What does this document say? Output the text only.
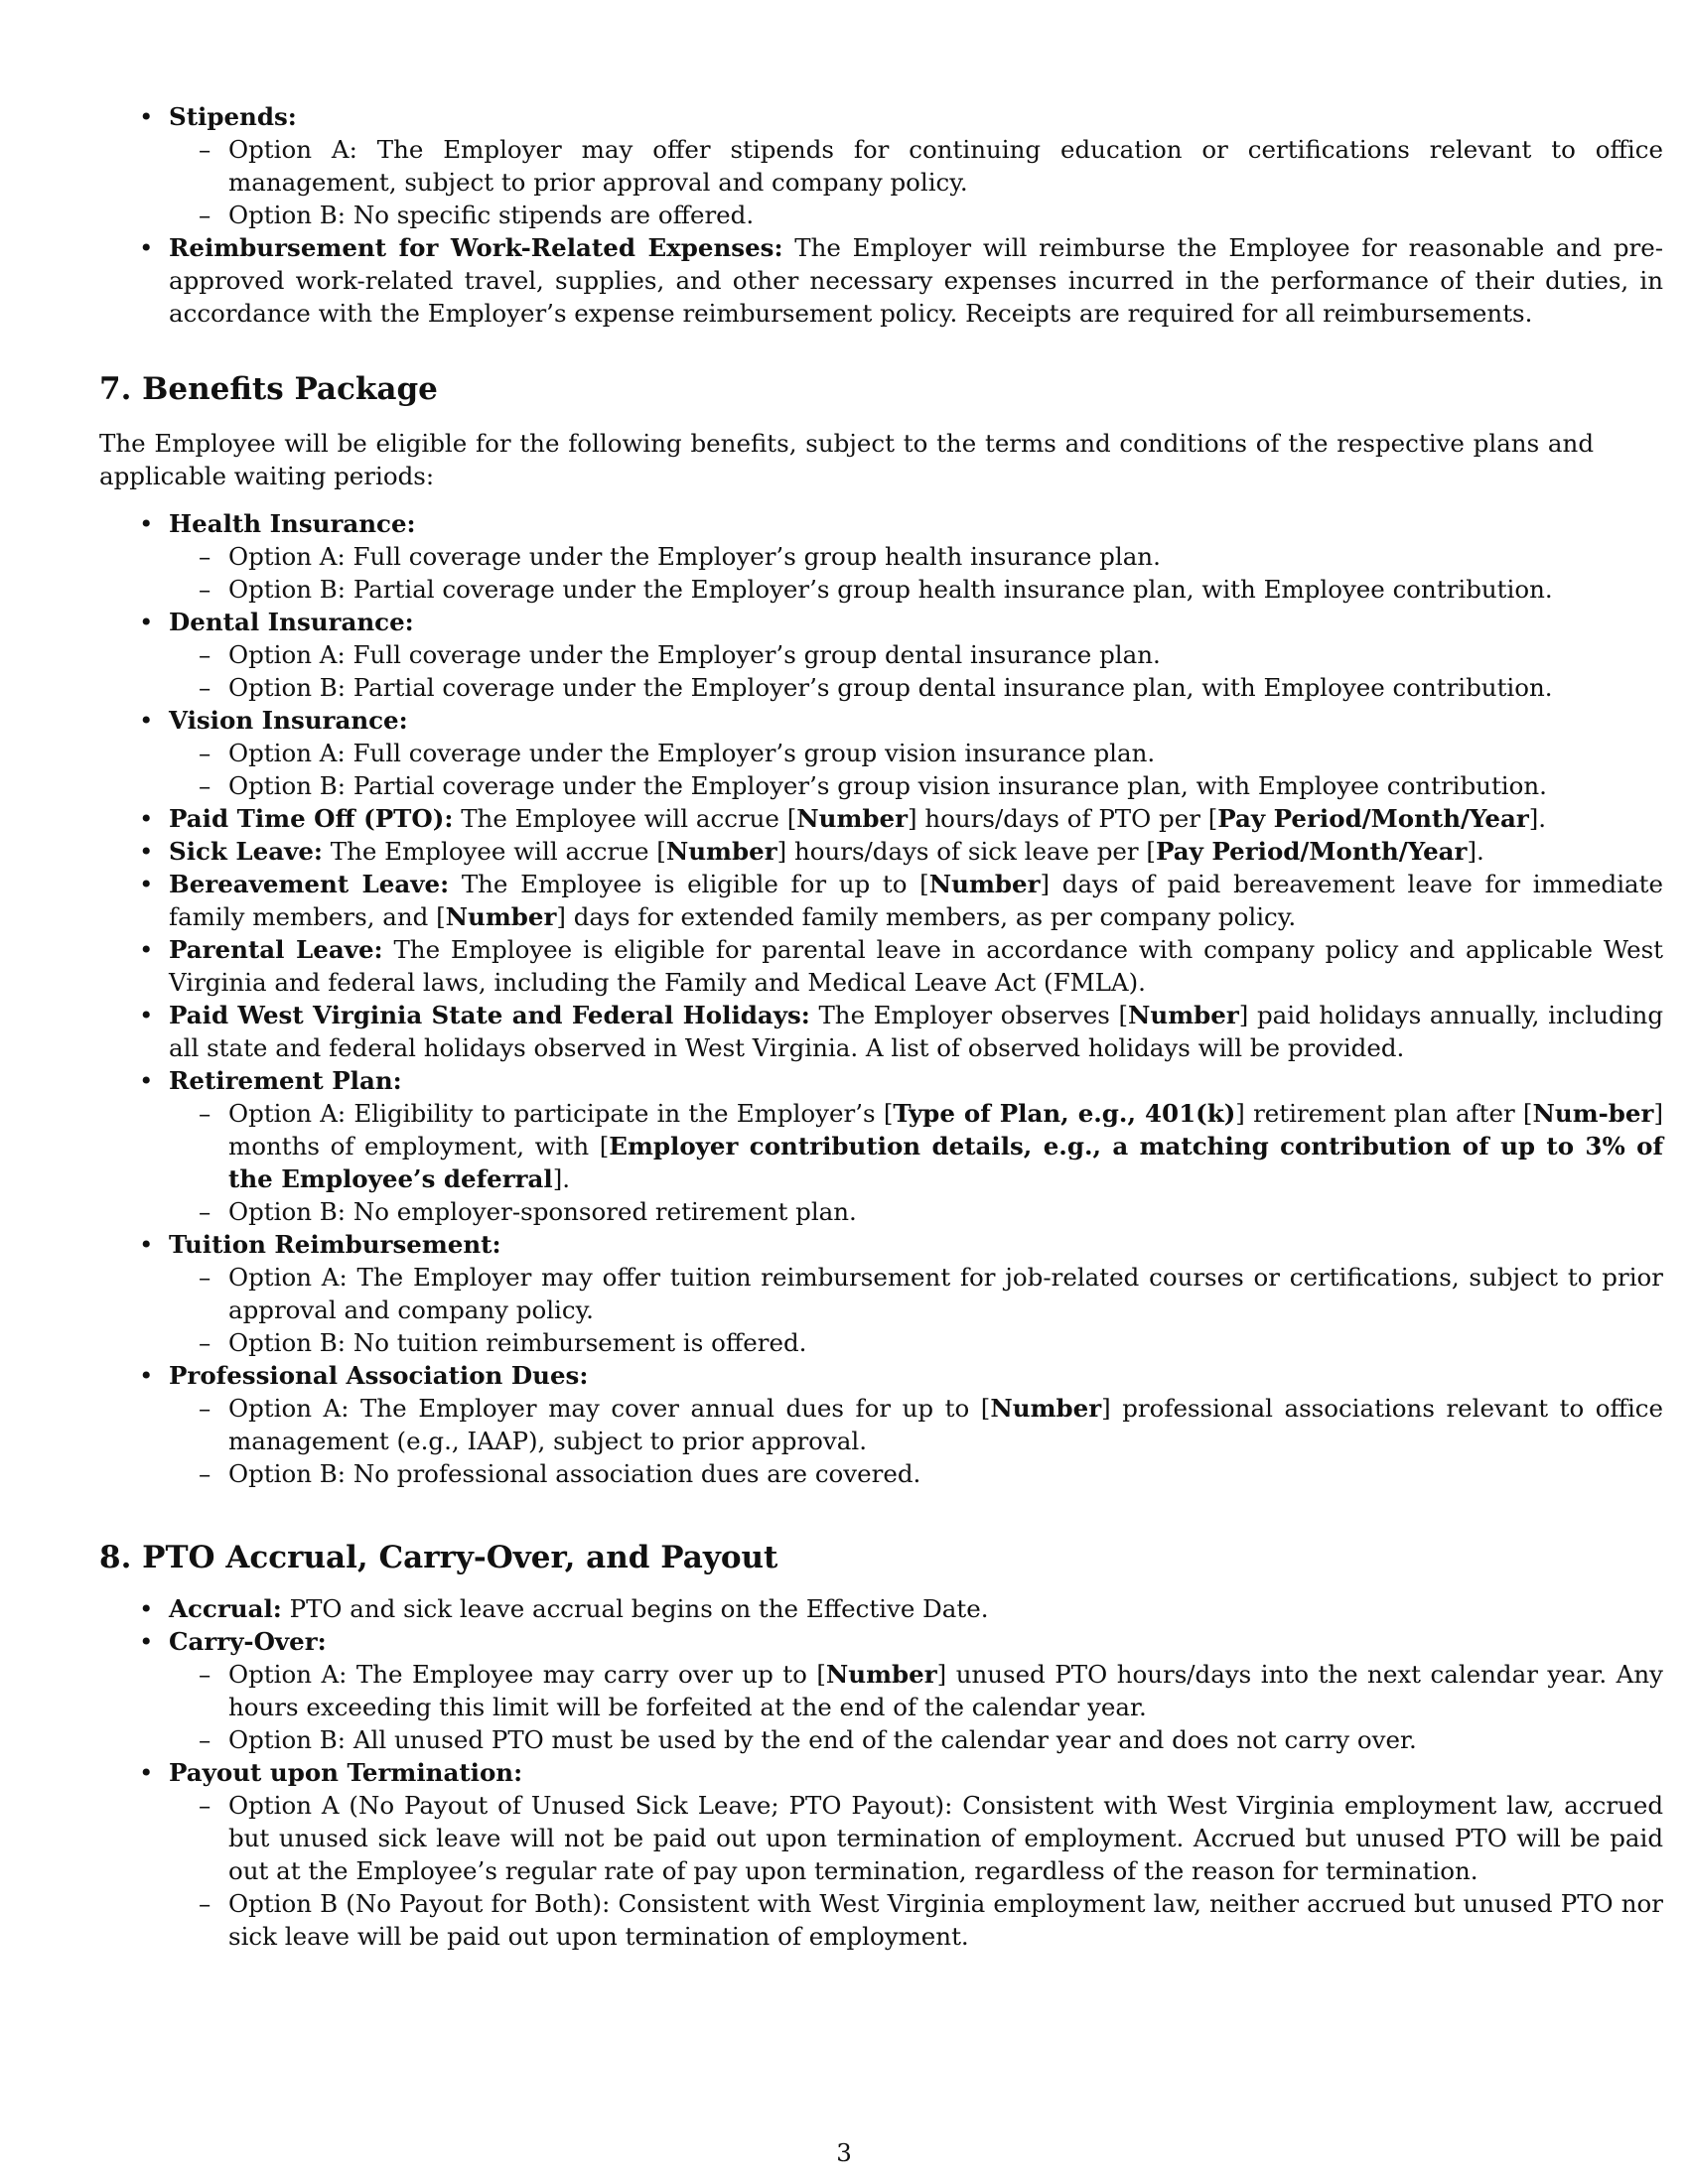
• Stipends:
– Option A: The Employer may offer stipends for continuing education or certifications relevant to office management, subject to prior approval and company policy.
– Option B: No specific stipends are offered.
• Reimbursement for Work-Related Expenses: The Employer will reimburse the Employee for reasonable and pre-approved work-related travel, supplies, and other necessary expenses incurred in the performance of their duties, in accordance with the Employer’s expense reimbursement policy. Receipts are required for all reimbursements.
7. Benefits Package

The Employee will be eligible for the following benefits, subject to the terms and conditions of the respective plans and applicable waiting periods:

• Health Insurance:
– Option A: Full coverage under the Employer’s group health insurance plan.
– Option B: Partial coverage under the Employer’s group health insurance plan, with Employee contribution.
• Dental Insurance:
– Option A: Full coverage under the Employer’s group dental insurance plan.
– Option B: Partial coverage under the Employer’s group dental insurance plan, with Employee contribution.
• Vision Insurance:
– Option A: Full coverage under the Employer’s group vision insurance plan.
– Option B: Partial coverage under the Employer’s group vision insurance plan, with Employee contribution.
• Paid Time Off (PTO): The Employee will accrue [Number] hours/days of PTO per [Pay Period/Month/Year].
• Sick Leave: The Employee will accrue [Number] hours/days of sick leave per [Pay Period/Month/Year].
• Bereavement Leave: The Employee is eligible for up to [Number] days of paid bereavement leave for immediate family members, and [Number] days for extended family members, as per company policy.
• Parental Leave: The Employee is eligible for parental leave in accordance with company policy and applicable West Virginia and federal laws, including the Family and Medical Leave Act (FMLA).
• Paid West Virginia State and Federal Holidays: The Employer observes [Number] paid holidays annually, including all state and federal holidays observed in West Virginia. A list of observed holidays will be provided.
• Retirement Plan:
– Option A: Eligibility to participate in the Employer’s [Type of Plan, e.g., 401(k)] retirement plan after [Num-ber] months of employment, with [Employer contribution details, e.g., a matching contribution of up to 3% of the Employee’s deferral].
– Option B: No employer-sponsored retirement plan.
• Tuition Reimbursement:
– Option A: The Employer may offer tuition reimbursement for job-related courses or certifications, subject to prior approval and company policy.
– Option B: No tuition reimbursement is offered.
• Professional Association Dues:
– Option A: The Employer may cover annual dues for up to [Number] professional associations relevant to office management (e.g., IAAP), subject to prior approval.
– Option B: No professional association dues are covered.
8. PTO Accrual, Carry-Over, and Payout
• Accrual: PTO and sick leave accrual begins on the Effective Date.
• Carry-Over:
– Option A: The Employee may carry over up to [Number] unused PTO hours/days into the next calendar year. Any hours exceeding this limit will be forfeited at the end of the calendar year.
– Option B: All unused PTO must be used by the end of the calendar year and does not carry over.
• Payout upon Termination:
– Option A (No Payout of Unused Sick Leave; PTO Payout): Consistent with West Virginia employment law, accrued but unused sick leave will not be paid out upon termination of employment. Accrued but unused PTO will be paid out at the Employee’s regular rate of pay upon termination, regardless of the reason for termination.
– Option B (No Payout for Both): Consistent with West Virginia employment law, neither accrued but unused PTO nor sick leave will be paid out upon termination of employment.
3
